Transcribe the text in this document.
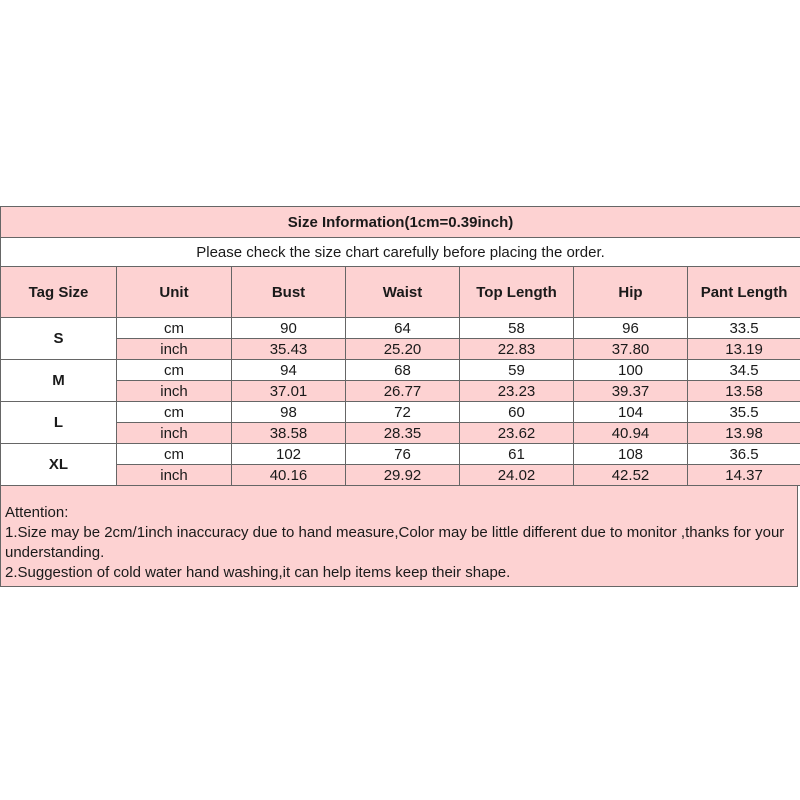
Size Information(1cm=0.39inch)						
Please check the size chart carefully before placing the order.						
Tag Size	Unit	Bust	Waist	Top Length	Hip	Pant Length
S	cm	90	64	58	96	33.5
	inch	35.43	25.20	22.83	37.80	13.19
M	cm	94	68	59	100	34.5
	inch	37.01	26.77	23.23	39.37	13.58
L	cm	98	72	60	104	35.5
	inch	38.58	28.35	23.62	40.94	13.98
XL	cm	102	76	61	108	36.5
	inch	40.16	29.92	24.02	42.52	14.37

Attention:

1.Size may be 2cm/1inch inaccuracy due to hand measure,Color may be little different due to monitor ,thanks for your understanding.

2.Suggestion of cold water hand washing,it can help items keep their shape.
